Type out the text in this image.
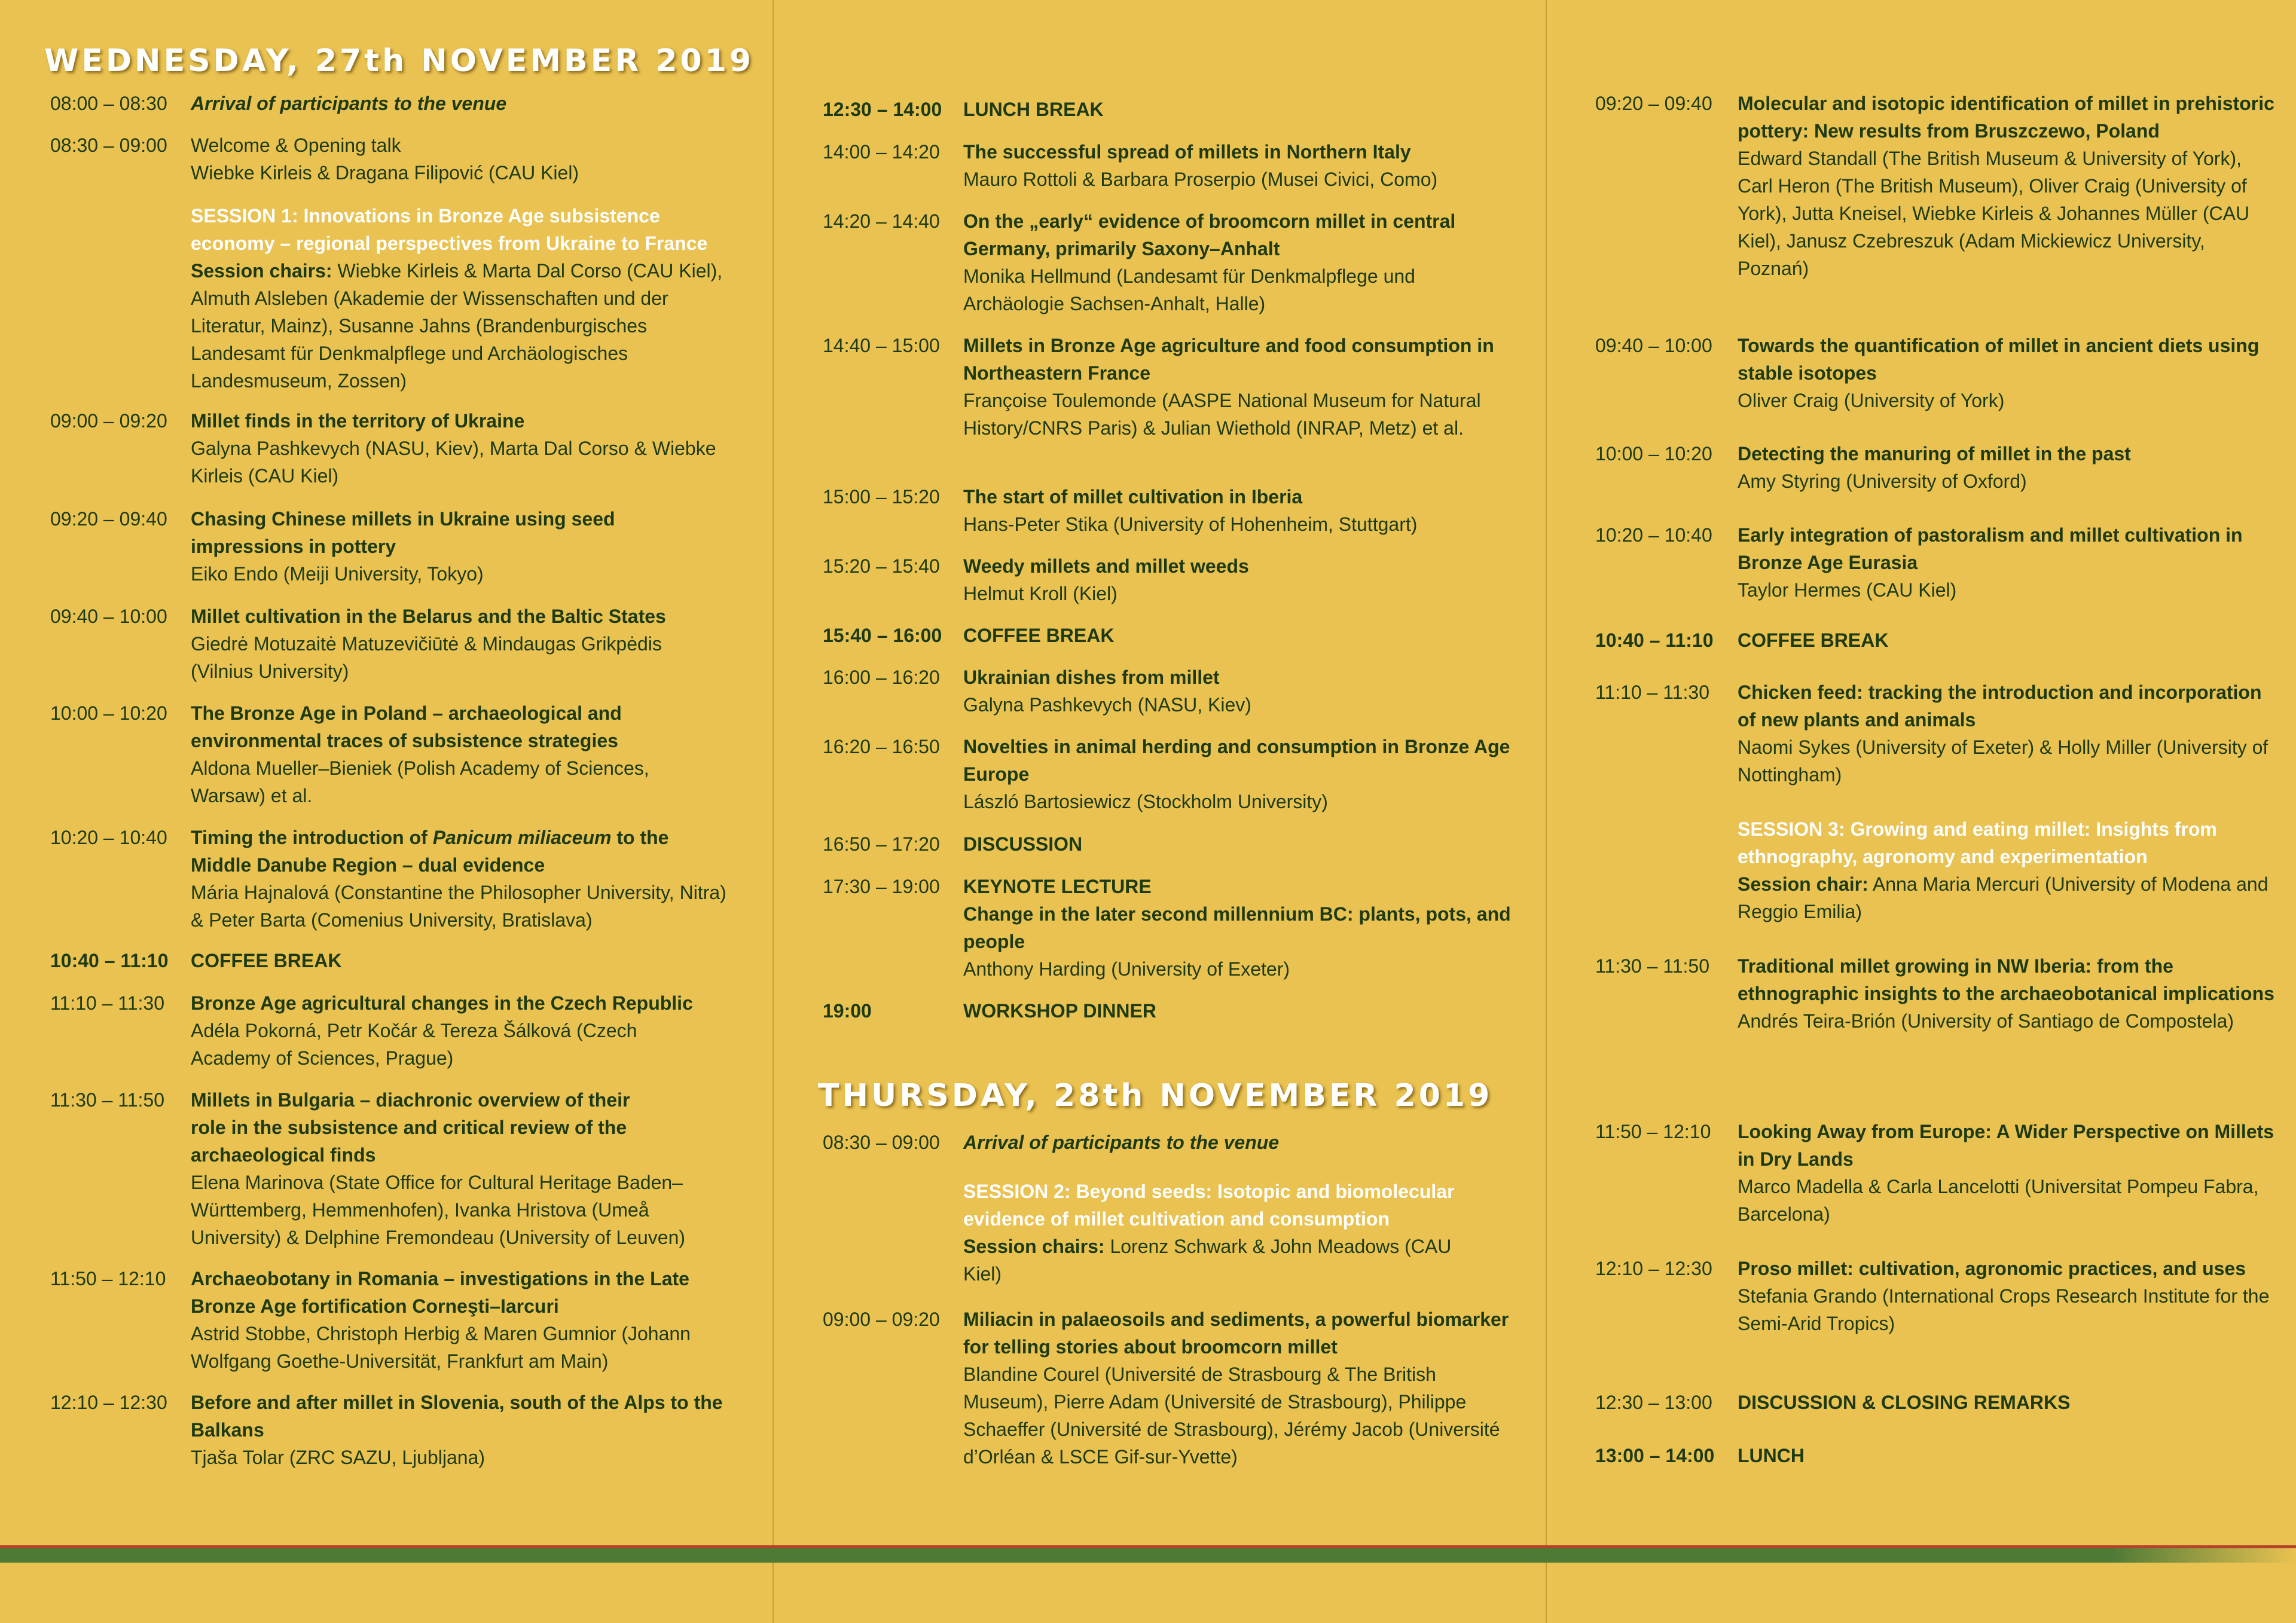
WEDNESDAY, 27th NOVEMBER 2019
08:00 – 08:30 Arrival of participants to the venue
08:30 – 09:00 Welcome & Opening talk
Wiebke Kirleis & Dragana Filipović (CAU Kiel)
SESSION 1: Innovations in Bronze Age subsistence economy – regional perspectives from Ukraine to France
Session chairs: Wiebke Kirleis & Marta Dal Corso (CAU Kiel), Almuth Alsleben (Akademie der Wissenschaften und der Literatur, Mainz), Susanne Jahns (Brandenburgisches Landesamt für Denkmalpflege und Archäologisches Landesmuseum, Zossen)
09:00 – 09:20 Millet finds in the territory of Ukraine
Galyna Pashkevych (NASU, Kiev), Marta Dal Corso & Wiebke Kirleis (CAU Kiel)
09:20 – 09:40 Chasing Chinese millets in Ukraine using seed impressions in pottery
Eiko Endo (Meiji University, Tokyo)
09:40 – 10:00 Millet cultivation in the Belarus and the Baltic States
Giedrė Motuzaitė Matuzevičiūtė & Mindaugas Grikpėdis (Vilnius University)
10:00 – 10:20 The Bronze Age in Poland – archaeological and environmental traces of subsistence strategies
Aldona Mueller–Bieniek (Polish Academy of Sciences, Warsaw) et al.
10:20 – 10:40 Timing the introduction of Panicum miliaceum to the Middle Danube Region – dual evidence
Mária Hajnalová (Constantine the Philosopher University, Nitra) & Peter Barta (Comenius University, Bratislava)
10:40 – 11:10 COFFEE BREAK
11:10 – 11:30 Bronze Age agricultural changes in the Czech Republic
Adéla Pokorná, Petr Kočár & Tereza Šálková (Czech Academy of Sciences, Prague)
11:30 – 11:50 Millets in Bulgaria – diachronic overview of their role in the subsistence and critical review of the archaeological finds
Elena Marinova (State Office for Cultural Heritage Baden–Württemberg, Hemmenhofen), Ivanka Hristova (Umeå University) & Delphine Fremondeau (University of Leuven)
11:50 – 12:10 Archaeobotany in Romania – investigations in the Late Bronze Age fortification Corneşti–Iarcuri
Astrid Stobbe, Christoph Herbig & Maren Gumnior (Johann Wolfgang Goethe-Universität, Frankfurt am Main)
12:10 – 12:30 Before and after millet in Slovenia, south of the Alps to the Balkans
Tjaša Tolar (ZRC SAZU, Ljubljana)
12:30 – 14:00 LUNCH BREAK
14:00 – 14:20 The successful spread of millets in Northern Italy
Mauro Rottoli & Barbara Proserpio (Musei Civici, Como)
14:20 – 14:40 On the „early“ evidence of broomcorn millet in central Germany, primarily Saxony–Anhalt
Monika Hellmund (Landesamt für Denkmalpflege und Archäologie Sachsen-Anhalt, Halle)
14:40 – 15:00 Millets in Bronze Age agriculture and food consumption in Northeastern France
Françoise Toulemonde (AASPE National Museum for Natural History/CNRS Paris) & Julian Wiethold (INRAP, Metz) et al.
15:00 – 15:20 The start of millet cultivation in Iberia
Hans-Peter Stika (University of Hohenheim, Stuttgart)
15:20 – 15:40 Weedy millets and millet weeds
Helmut Kroll (Kiel)
15:40 – 16:00 COFFEE BREAK
16:00 – 16:20 Ukrainian dishes from millet
Galyna Pashkevych (NASU, Kiev)
16:20 – 16:50 Novelties in animal herding and consumption in Bronze Age Europe
László Bartosiewicz (Stockholm University)
16:50 – 17:20 DISCUSSION
17:30 – 19:00 KEYNOTE LECTURE
Change in the later second millennium BC: plants, pots, and people
Anthony Harding (University of Exeter)
19:00	WORKSHOP DINNER
THURSDAY, 28th NOVEMBER 2019
08:30 – 09:00 Arrival of participants to the venue
SESSION 2: Beyond seeds: Isotopic and biomolecular evidence of millet cultivation and consumption
Session chairs: Lorenz Schwark & John Meadows (CAU Kiel)
09:00 – 09:20 Miliacin in palaeosoils and sediments, a powerful biomarker for telling stories about broomcorn millet
Blandine Courel (Université de Strasbourg & The British Museum), Pierre Adam (Université de Strasbourg), Philippe Schaeffer (Université de Strasbourg), Jérémy Jacob (Université d’Orléan & LSCE Gif-sur-Yvette)
09:20 – 09:40 Molecular and isotopic identification of millet in prehistoric pottery: New results from Bruszczewo, Poland
Edward Standall (The British Museum & University of York), Carl Heron (The British Museum), Oliver Craig (University of York), Jutta Kneisel, Wiebke Kirleis & Johannes Müller (CAU Kiel), Janusz Czebreszuk (Adam Mickiewicz University, Poznań)
09:40 – 10:00 Towards the quantification of millet in ancient diets using stable isotopes
Oliver Craig (University of York)
10:00 – 10:20 Detecting the manuring of millet in the past
Amy Styring (University of Oxford)
10:20 – 10:40 Early integration of pastoralism and millet cultivation in Bronze Age Eurasia
Taylor Hermes (CAU Kiel)
10:40 – 11:10 COFFEE BREAK
11:10 – 11:30 Chicken feed: tracking the introduction and incorporation of new plants and animals
Naomi Sykes (University of Exeter) & Holly Miller (University of Nottingham)
SESSION 3: Growing and eating millet: Insights from ethnography, agronomy and experimentation
Session chair: Anna Maria Mercuri (University of Modena and Reggio Emilia)
11:30 – 11:50 Traditional millet growing in NW Iberia: from the ethnographic insights to the archaeobotanical implications
Andrés Teira-Brión (University of Santiago de Compostela)
11:50 – 12:10 Looking Away from Europe: A Wider Perspective on Millets in Dry Lands
Marco Madella & Carla Lancelotti (Universitat Pompeu Fabra, Barcelona)
12:10 – 12:30 Proso millet: cultivation, agronomic practices, and uses
Stefania Grando (International Crops Research Institute for the Semi-Arid Tropics)
12:30 – 13:00 DISCUSSION & CLOSING REMARKS
13:00 – 14:00 LUNCH
